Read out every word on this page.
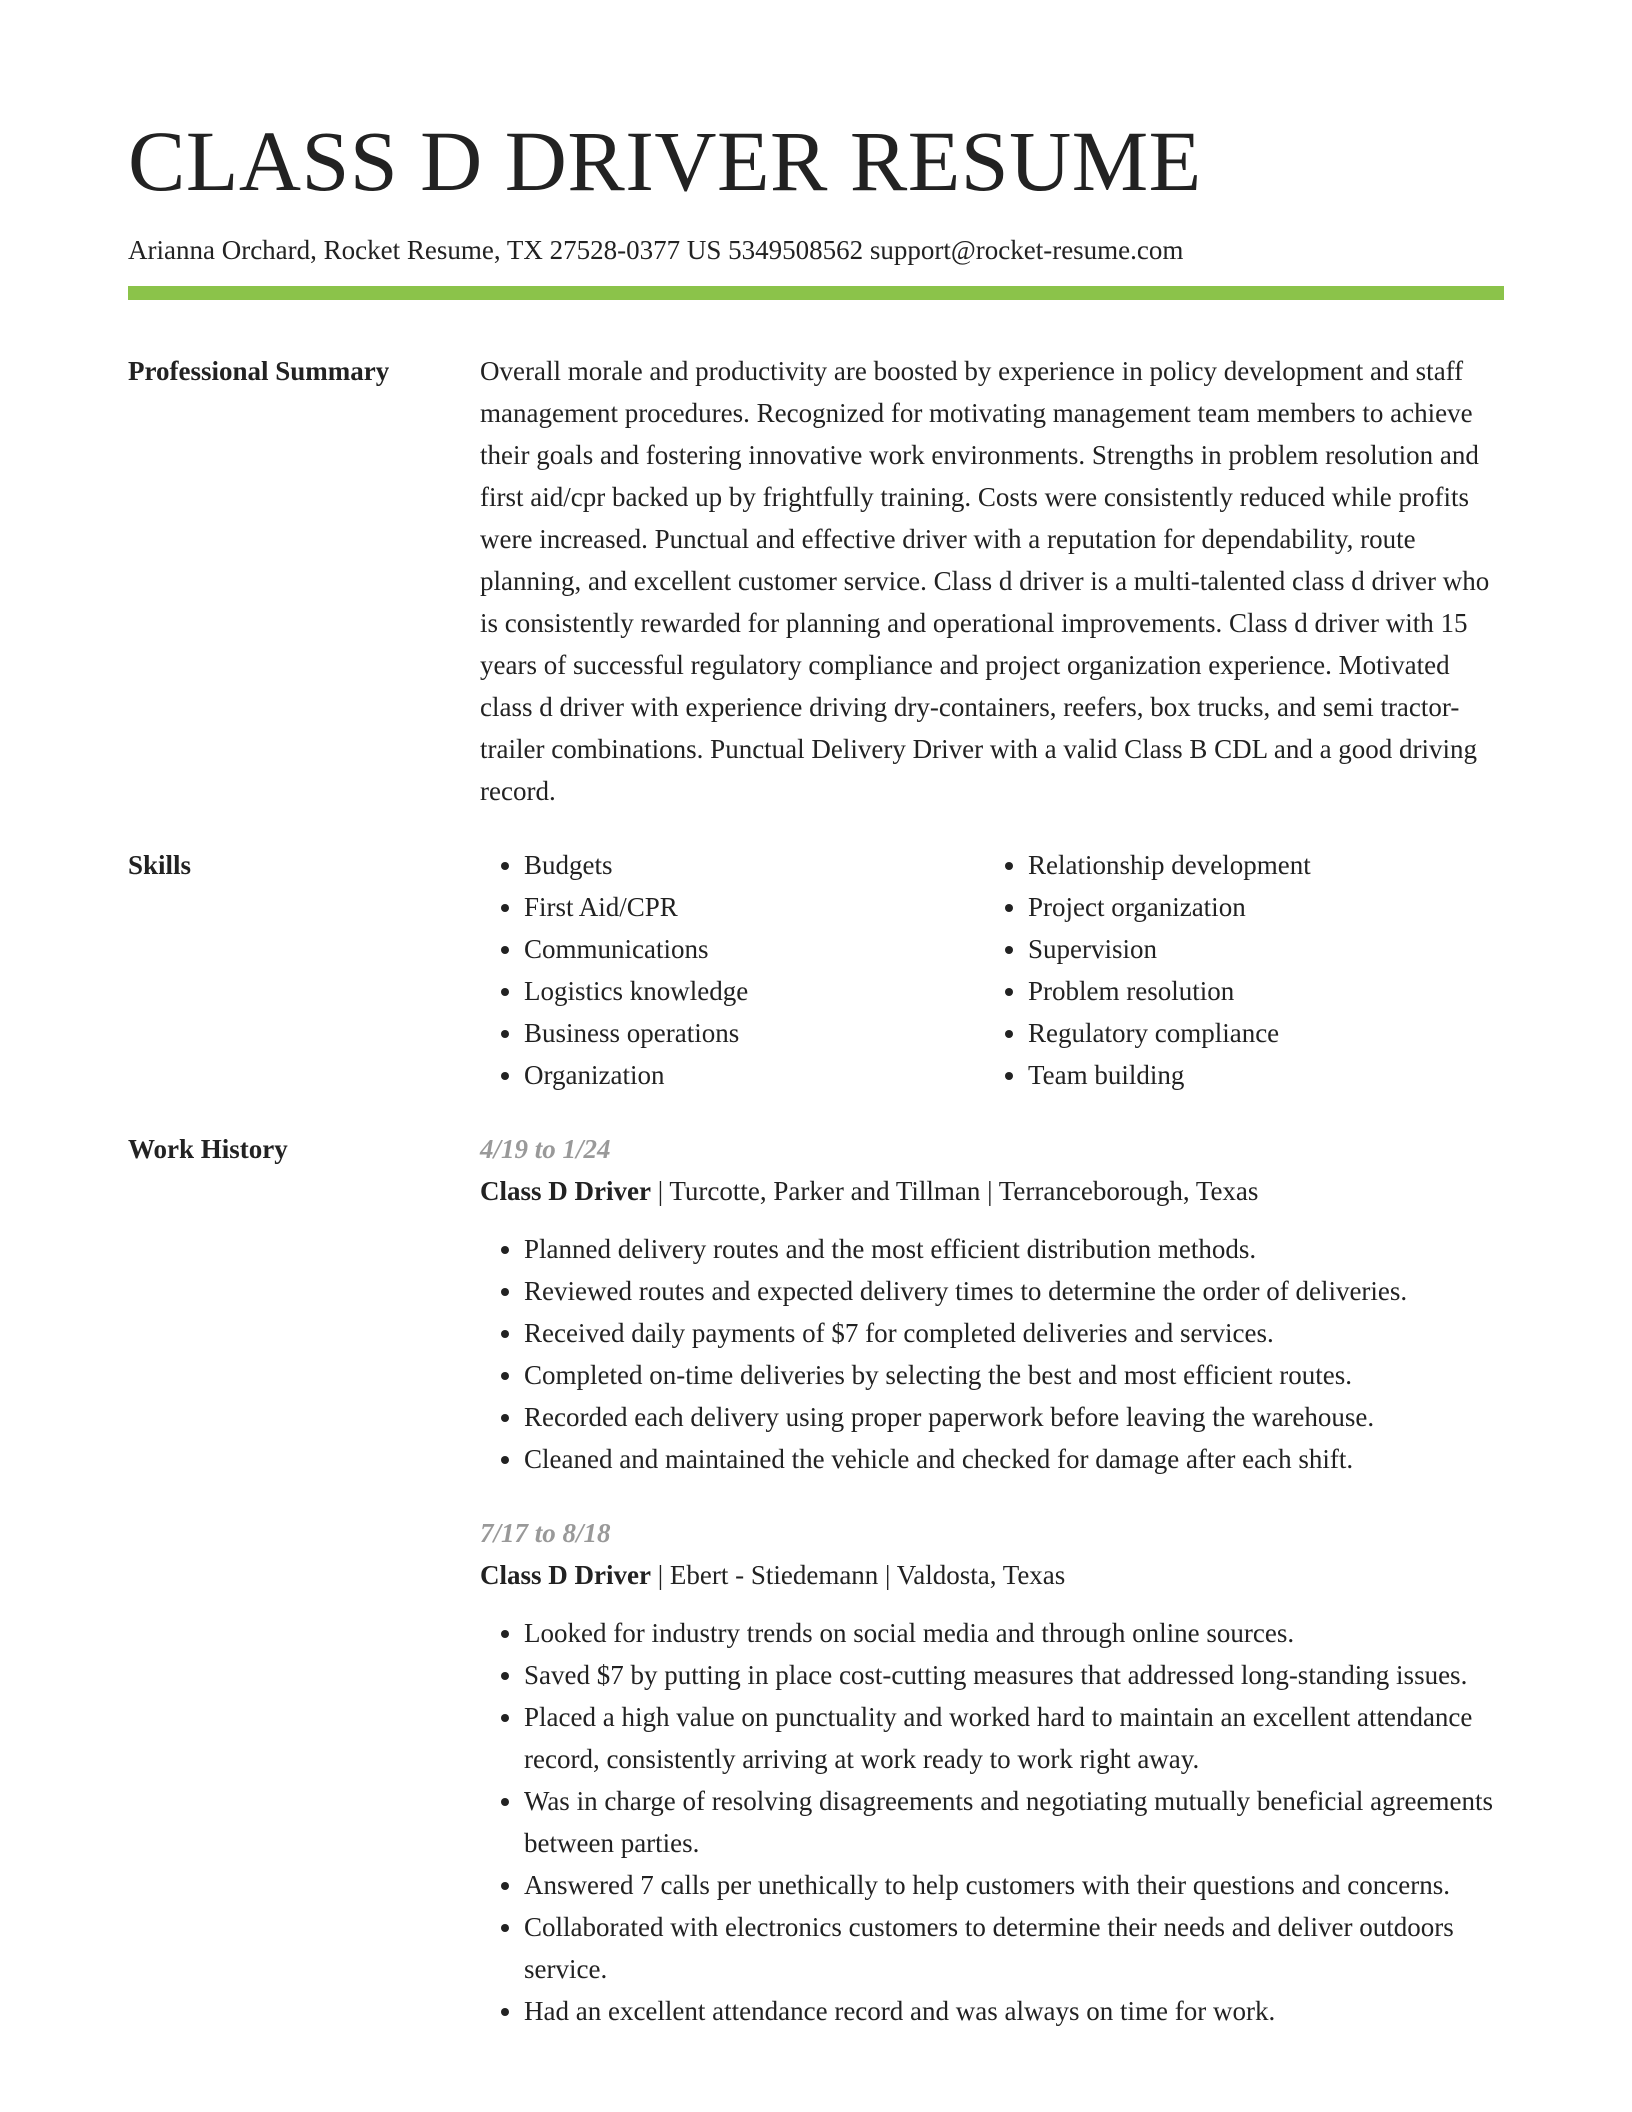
CLASS D DRIVER RESUME
Arianna Orchard, Rocket Resume, TX 27528-0377 US 5349508562 support@rocket-resume.com
Professional Summary	Overall morale and productivity are boosted by experience in policy development and staff management procedures. Recognized for motivating management team members to achieve their goals and fostering innovative work environments. Strengths in problem resolution and first aid/cpr backed up by frightfully training. Costs were consistently reduced while profits were increased. Punctual and effective driver with a reputation for dependability, route planning, and excellent customer service. Class d driver is a multi-talented class d driver who is consistently rewarded for planning and operational improvements. Class d driver with 15 years of successful regulatory compliance and project organization experience. Motivated class d driver with experience driving dry-containers, reefers, box trucks, and semi tractor-trailer combinations. Punctual Delivery Driver with a valid Class B CDL and a good driving record.

Skills
•	Budgets
• First Aid/CPR
• Communications
• Logistics knowledge
• Business operations
• Organization
• Relationship development
• Project organization
• Supervision
• Problem resolution
• Regulatory compliance
• Team building
Work History	4/19 to 1/24
Class D Driver | Turcotte, Parker and Tillman | Terranceborough, Texas
• Planned delivery routes and the most efficient distribution methods.
• Reviewed routes and expected delivery times to determine the order of deliveries.
• Received daily payments of $7 for completed deliveries and services.
• Completed on-time deliveries by selecting the best and most efficient routes.
• Recorded each delivery using proper paperwork before leaving the warehouse.
• Cleaned and maintained the vehicle and checked for damage after each shift.
7/17 to 8/18
Class D Driver | Ebert - Stiedemann | Valdosta, Texas
• Looked for industry trends on social media and through online sources.
• Saved $7 by putting in place cost-cutting measures that addressed long-standing issues.
• Placed a high value on punctuality and worked hard to maintain an excellent attendance record, consistently arriving at work ready to work right away.
• Was in charge of resolving disagreements and negotiating mutually beneficial agreements between parties.
• Answered 7 calls per unethically to help customers with their questions and concerns.
• Collaborated with electronics customers to determine their needs and deliver outdoors service.
• Had an excellent attendance record and was always on time for work.
